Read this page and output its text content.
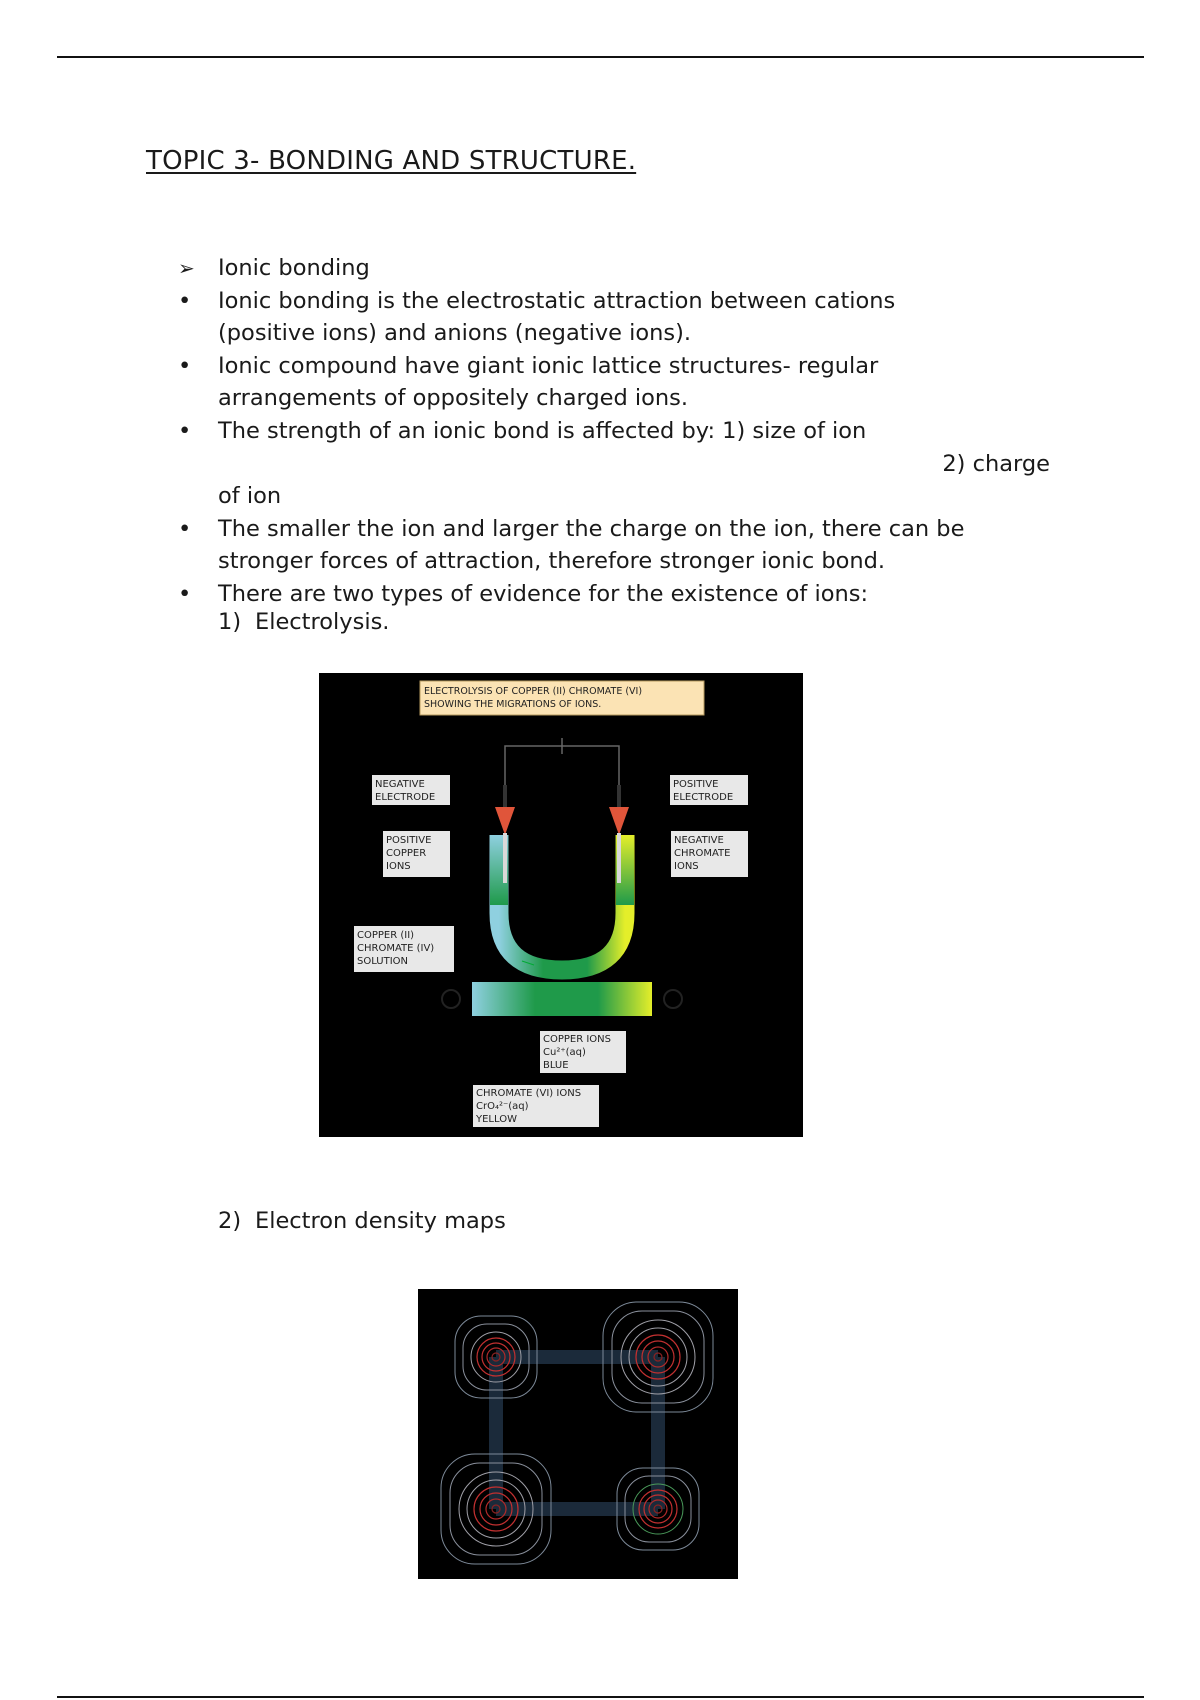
TOPIC 3- BONDING AND STRUCTURE.
➢	Ionic bonding
•	Ionic bonding is the electrostatic attraction between cations
(positive ions) and anions (negative ions).
•	Ionic compound have giant ionic lattice structures- regular
arrangements of oppositely charged ions.
•	The strength of an ionic bond is affected by: 1) size of ion
2) charge
of ion
•	The smaller the ion and larger the charge on the ion, there can be
stronger forces of attraction, therefore stronger ionic bond.
•	There are two types of evidence for the existence of ions:
1) Electrolysis.
ELECTROLYSIS OF COPPER (II) CHROMATE (VI)
SHOWING THE MIGRATIONS OF IONS.
NEGATIVE
ELECTRODE
POSITIVE
ELECTRODE
POSITIVE
COPPER
IONS
NEGATIVE
CHROMATE
IONS
COPPER (II)
CHROMATE (IV)
SOLUTION
COPPER IONS
Cu²⁺(aq)
BLUE
CHROMATE (VI) IONS
CrO₄²⁻(aq)
YELLOW
2) Electron density maps
